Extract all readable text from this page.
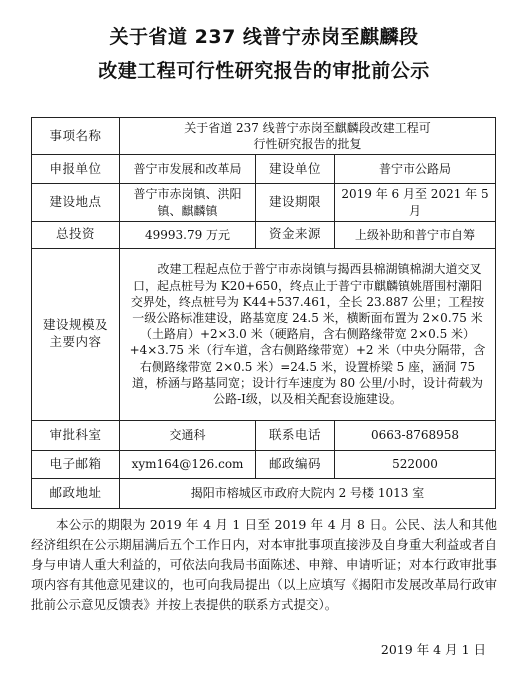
关于省道 237 线普宁赤岗至麒麟段
改建工程可行性研究报告的审批前公示
事项名称	关于省道 237 线普宁赤岗至麒麟段改建工程可行性研究报告的批复		
申报单位	普宁市发展和改革局	建设单位	普宁市公路局
建设地点	普宁市赤岗镇、洪阳镇、麒麟镇	建设期限	2019 年 6 月至 2021 年 5 月
总投资	49993.79 万元	资金来源	上级补助和普宁市自筹
建设规模及主要内容	改建工程起点位于普宁市赤岗镇与揭西县棉湖镇棉湖大道交叉口，起点桩号为 K20+650，终点止于普宁市麒麟镇姚厝围村潮阳交界处，终点桩号为 K44+537.461，全长 23.887 公里；工程按一级公路标准建设，路基宽度 24.5 米，横断面布置为 2×0.75 米（土路肩）+2×3.0 米（硬路肩，含右侧路缘带宽 2×0.5 米）+4×3.75 米（行车道，含右侧路缘带宽）+2 米（中央分隔带，含右侧路缘带宽 2×0.5 米）=24.5 米，设置桥梁 5 座，涵洞 75 道，桥涵与路基同宽；设计行车速度为 80 公里/小时，设计荷载为公路-Ⅰ级，以及相关配套设施建设。		
审批科室	交通科	联系电话	0663-8768958
电子邮箱	xym164@126.com	邮政编码	522000
邮政地址	揭阳市榕城区市政府大院内 2 号楼 1013 室		

本公示的期限为 2019 年 4 月 1 日至 2019 年 4 月 8 日。公民、法人和其他经济组织在公示期届满后五个工作日内，对本审批事项直接涉及自身重大利益或者自身与申请人重大利益的，可依法向我局书面陈述、申辩、申请听证；对本行政审批事项内容有其他意见建议的，也可向我局提出（以上应填写《揭阳市发展改革局行政审批前公示意见反馈表》并按上表提供的联系方式提交）。

2019 年 4 月 1 日
